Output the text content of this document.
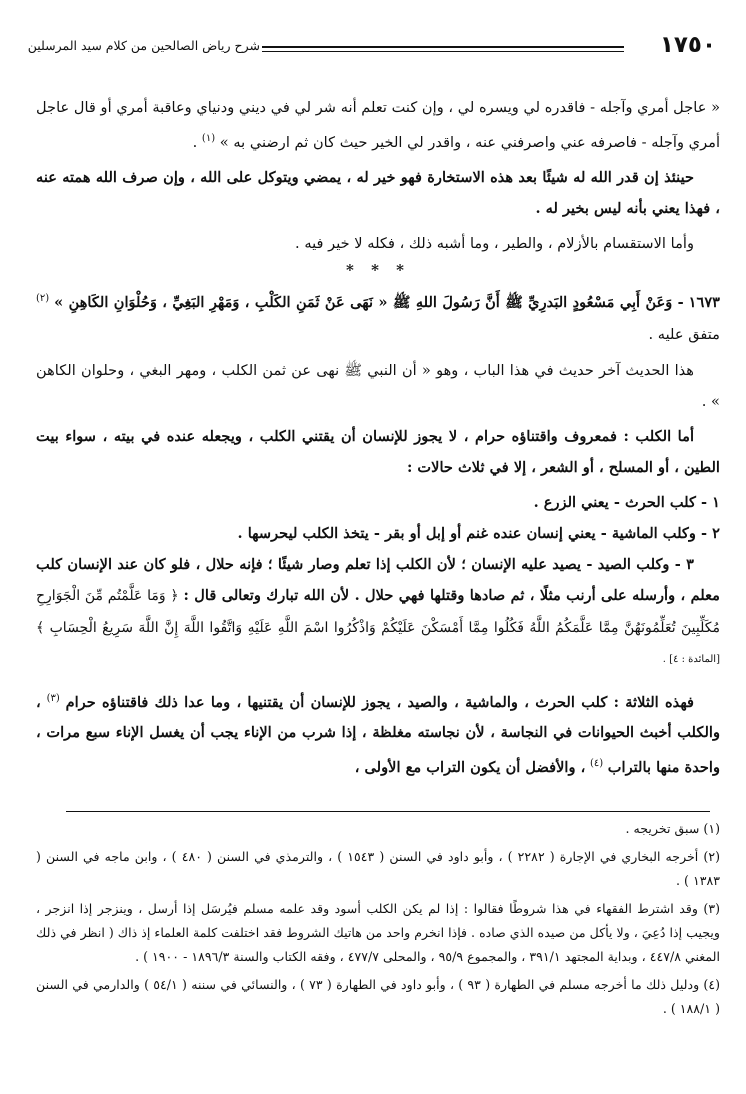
١٧٥٠
شرح رياض الصالحين من كلام سيد المرسلين

« عاجل أمري وآجله - فاقدره لي ويسره لي ، وإن كنت تعلم أنه شر لي في ديني ودنياي وعاقبة أمري أو قال عاجل أمري وآجله - فاصرفه عني واصرفني عنه ، واقدر لي الخير حيث كان ثم ارضني به » $^{(١)}$ .

حينئذ إن قدر الله له شيئًا بعد هذه الاستخارة فهو خير له ، يمضي ويتوكل على الله ، وإن صرف الله همته عنه ، فهذا يعني بأنه ليس بخير له .

وأما الاستقسام بالأزلام ، والطير ، وما أشبه ذلك ، فكله لا خير فيه .

* * *

١٦٧٣ - وَعَنْ أَبِي مَسْعُودٍ البَدرِيِّ ﷺ أَنَّ رَسُولَ اللهِ ﷺ « نَهَى عَنْ ثَمَنِ الكَلْبِ ، وَمَهْرِ البَغِيِّ ، وَحُلْوَانِ الكَاهِنِ » $^{(٢)}$ متفق عليه .

هذا الحديث آخر حديث في هذا الباب ، وهو « أن النبي ﷺ نهى عن ثمن الكلب ، ومهر البغي ، وحلوان الكاهن » .

أما الكلب : فمعروف واقتناؤه حرام ، لا يجوز للإنسان أن يقتني الكلب ، ويجعله عنده في بيته ، سواء بيت الطين ، أو المسلح ، أو الشعر ، إلا في ثلاث حالات :

١ - كلب الحرث - يعني الزرع .

٢ - وكلب الماشية - يعني إنسان عنده غنم أو إبل أو بقر - يتخذ الكلب ليحرسها .

٣ - وكلب الصيد - يصيد عليه الإنسان ؛ لأن الكلب إذا تعلم وصار شيئًا ؛ فإنه حلال ، فلو كان عند الإنسان كلب معلم ، وأرسله على أرنب مثلًا ، ثم صادها وقتلها فهي حلال . لأن الله تبارك وتعالى قال : ﴿ وَمَا عَلَّمْتُم مِّنَ الْجَوَارِحِ مُكَلِّبِينَ تُعَلِّمُونَهُنَّ مِمَّا عَلَّمَكُمُ اللَّهُ فَكُلُوا مِمَّا أَمْسَكْنَ عَلَيْكُمْ وَاذْكُرُوا اسْمَ اللَّهِ عَلَيْهِ وَاتَّقُوا اللَّهَ إِنَّ اللَّهَ سَرِيعُ الْحِسَابِ ﴾ $^{[المائدة : ٤] .}$

فهذه الثلاثة : كلب الحرث ، والماشية ، والصيد ، يجوز للإنسان أن يقتنيها ، وما عدا ذلك فاقتناؤه حرام $^{(٣)}$ ، والكلب أخبث الحيوانات في النجاسة ، لأن نجاسته مغلظة ، إذا شرب من الإناء يجب أن يغسل الإناء سبع مرات ، واحدة منها بالتراب $^{(٤)}$ ، والأفضل أن يكون التراب مع الأولى ،

(١) سبق تخريجه .

(٢) أخرجه البخاري في الإجارة ( ٢٢٨٢ ) ، وأبو داود في السنن ( ١٥٤٣ ) ، والترمذي في السنن ( ٤٨٠ ) ، وابن ماجه في السنن ( ١٣٨٣ ) .

(٣) وقد اشترط الفقهاء في هذا شروطًا فقالوا : إذا لم يكن الكلب أسود وقد علمه مسلم فيُرسَل إذا أرسل ، وينزجر إذا انزجر ، ويجيب إذا دُعِيَ ، ولا يأكل من صيده الذي صاده . فإذا انخرم واحد من هاتيك الشروط فقد اختلفت كلمة العلماء إذ ذاك ( انظر في ذلك المغني ٤٤٧/٨ ، وبداية المجتهد ٣٩١/١ ، والمجموع ٩٥/٩ ، والمحلى ٤٧٧/٧ ، وفقه الكتاب والسنة ١٨٩٦/٣ - ١٩٠٠ ) .

(٤) ودليل ذلك ما أخرجه مسلم في الطهارة ( ٩٣ ) ، وأبو داود في الطهارة ( ٧٣ ) ، والنسائي في سننه ( ٥٤/١ ) والدارمي في السنن ( ١٨٨/١ ) .
